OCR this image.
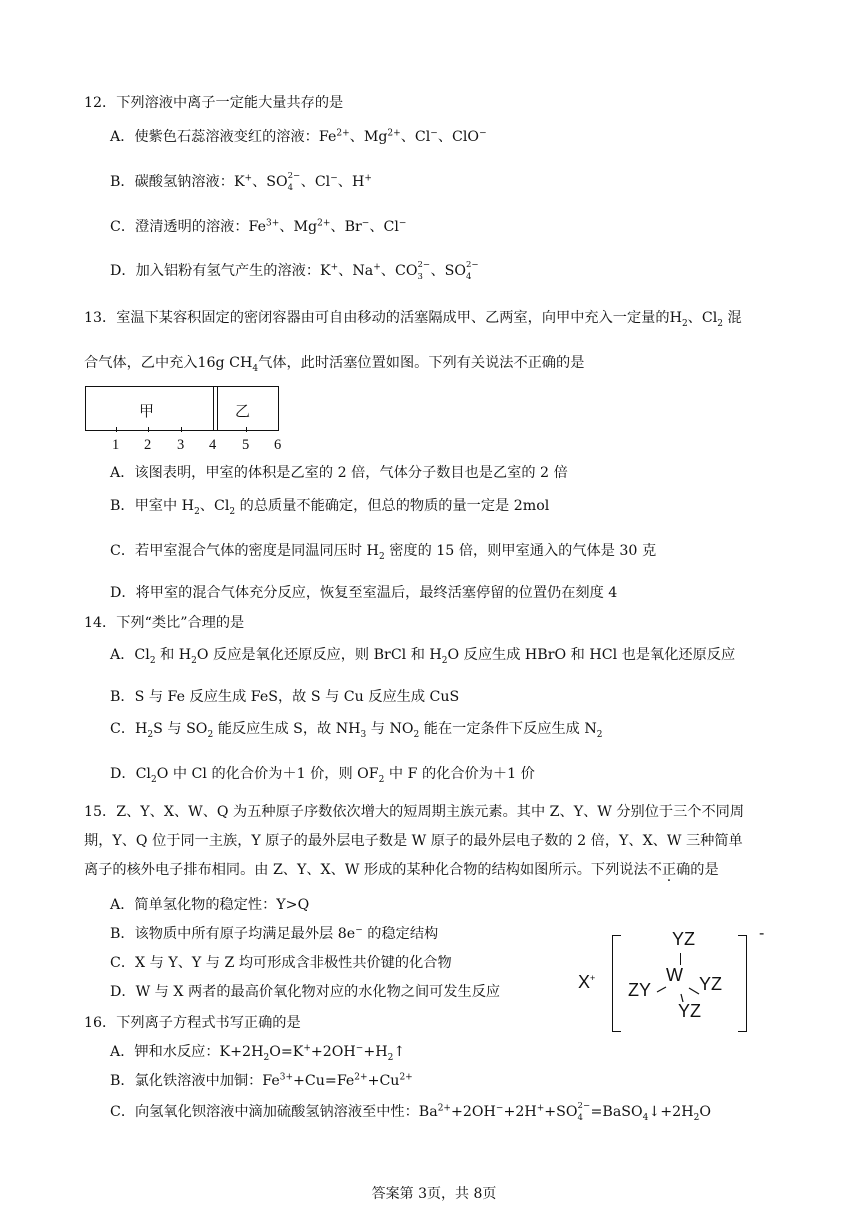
12．下列溶液中离子一定能大量共存的是
A．使紫色石蕊溶液变红的溶液：$Fe^{2+}$、$Mg^{2+}$、Cl−、ClO−
B．碳酸氢钠溶液：K+、SO 2−
4 、Cl−、H+
C．澄清透明的溶液：$Fe^{3+}$、$Mg^{2+}$、Br−、Cl−
D．加入铝粉有氢气产生的溶液：K+、Na+、CO 2−
3 、SO 2−
4
13．室温下某容积固定的密闭容器由可自由移动的活塞隔成甲、乙两室，向甲中充入一定量的$H_2$、$Cl_2$ 混
合气体，乙中充入16g $CH_4$气体，此时活塞位置如图。下列有关说法不正确的是
甲	乙
1 2 3 4 5 6
A．该图表明，甲室的体积是乙室的 2 倍，气体分子数目也是乙室的 2 倍
B．甲室中 $H_2$、$Cl_2$ 的总质量不能确定，但总的物质的量一定是 2mol
C．若甲室混合气体的密度是同温同压时 $H_2$ 密度的 15 倍，则甲室通入的气体是 30 克
D．将甲室的混合气体充分反应，恢复至室温后，最终活塞停留的位置仍在刻度 4
14．下列“类比”合理的是
A．$Cl_2$ 和 $H_2O$ 反应是氧化还原反应，则 BrCl 和 $H_2O$ 反应生成 HBrO 和 HCl 也是氧化还原反应
B．S 与 Fe 反应生成 FeS，故 S 与 Cu 反应生成 CuS
C．$H_2S$ 与 $SO_2$ 能反应生成 S，故 $NH_3$ 与 $NO_2$ 能在一定条件下反应生成 $N_2$
D．$Cl_2O$ 中 Cl 的化合价为＋1 价，则 $OF_2$ 中 F 的化合价为＋1 价
15．Z、Y、X、W、Q 为五种原子序数依次增大的短周期主族元素。其中 Z、Y、W 分别位于三个不同周
期，Y、Q 位于同一主族，Y 原子的最外层电子数是 W 原子的最外层电子数的 2 倍，Y、X、W 三种简单
离子的核外电子排布相同。由 Z、Y、X、W 形成的某种化合物的结构如图所示。下列说法不正确的是
A．简单氢化物的稳定性：Y>Q
B．该物质中所有原子均满足最外层 8e− 的稳定结构
C．X 与 Y、Y 与 Z 均可形成含非极性共价键的化合物
D．W 与 X 两者的最高价氧化物对应的水化物之间可发生反应	X+
-
YZ
ZY
W YZ
YZ
16．下列离子方程式书写正确的是
A．钾和水反应：$K+2H_2O=K^++2OH^-+H_2↑$
B．氯化铁溶液中加铜：$Fe^{3+}+Cu=Fe^{2+}+Cu^{2+}$
C．向氢氧化钡溶液中滴加硫酸氢钠溶液至中性：$Ba^{2+}+2OH^-+2H^++SO$ 2−
$4 =BaSO_4↓+2H_2O$
答案第 3页，共 8页
